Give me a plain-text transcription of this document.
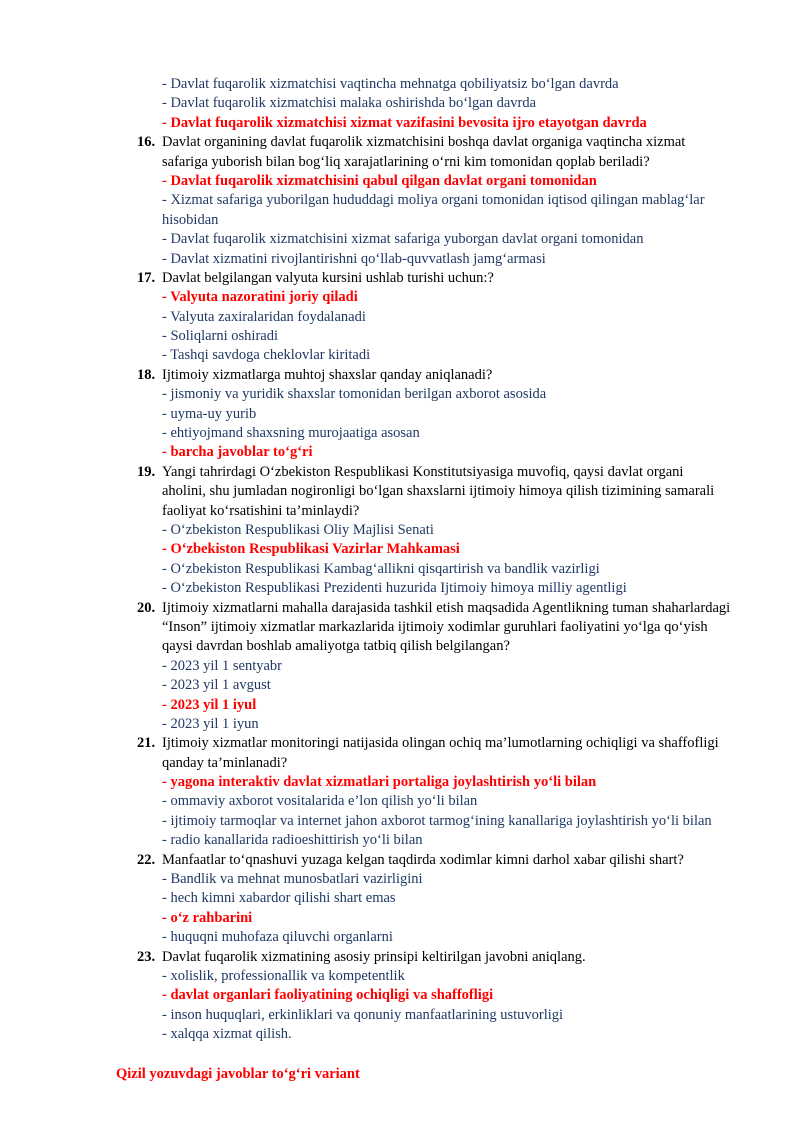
- Davlat fuqarolik xizmatchisi vaqtincha mehnatga qobiliyatsiz boʻlgan davrda
- Davlat fuqarolik xizmatchisi malaka oshirishda boʻlgan davrda
- Davlat fuqarolik xizmatchisi xizmat vazifasini bevosita ijro etayotgan davrda
16. Davlat organining davlat fuqarolik xizmatchisini boshqa davlat organiga vaqtincha xizmat
safariga yuborish bilan bogʻliq xarajatlarining oʻrni kim tomonidan qoplab beriladi?
- Davlat fuqarolik xizmatchisini qabul qilgan davlat organi tomonidan
- Xizmat safariga yuborilgan hududdagi moliya organi tomonidan iqtisod qilingan mablagʻlar
hisobidan
- Davlat fuqarolik xizmatchisini xizmat safariga yuborgan davlat organi tomonidan
- Davlat xizmatini rivojlantirishni qoʻllab-quvvatlash jamgʻarmasi
17. Davlat belgilangan valyuta kursini ushlab turishi uchun:?
- Valyuta nazoratini joriy qiladi
- Valyuta zaxiralaridan foydalanadi
- Soliqlarni oshiradi
- Tashqi savdoga cheklovlar kiritadi
18. Ijtimoiy xizmatlarga muhtoj shaxslar qanday aniqlanadi?
- jismoniy va yuridik shaxslar tomonidan berilgan axborot asosida
- uyma-uy yurib
- ehtiyojmand shaxsning murojaatiga asosan
- barcha javoblar toʻgʻri
19. Yangi tahrirdagi Oʻzbekiston Respublikasi Konstitutsiyasiga muvofiq, qaysi davlat organi
aholini, shu jumladan nogironligi boʻlgan shaxslarni ijtimoiy himoya qilish tizimining samarali
faoliyat koʻrsatishini ta’minlaydi?
- Oʻzbekiston Respublikasi Oliy Majlisi Senati
- Oʻzbekiston Respublikasi Vazirlar Mahkamasi
- Oʻzbekiston Respublikasi Kambagʻallikni qisqartirish va bandlik vazirligi
- Oʻzbekiston Respublikasi Prezidenti huzurida Ijtimoiy himoya milliy agentligi
20. Ijtimoiy xizmatlarni mahalla darajasida tashkil etish maqsadida Agentlikning tuman shaharlardagi
“Inson” ijtimoiy xizmatlar markazlarida ijtimoiy xodimlar guruhlari faoliyatini yoʻlga qoʻyish
qaysi davrdan boshlab amaliyotga tatbiq qilish belgilangan?
- 2023 yil 1 sentyabr
- 2023 yil 1 avgust
- 2023 yil 1 iyul
- 2023 yil 1 iyun
21. Ijtimoiy xizmatlar monitoringi natijasida olingan ochiq ma’lumotlarning ochiqligi va shaffofligi
qanday ta’minlanadi?
- yagona interaktiv davlat xizmatlari portaliga joylashtirish yoʻli bilan
- ommaviy axborot vositalarida e’lon qilish yoʻli bilan
- ijtimoiy tarmoqlar va internet jahon axborot tarmogʻining kanallariga joylashtirish yoʻli bilan
- radio kanallarida radioeshittirish yoʻli bilan
22. Manfaatlar toʻqnashuvi yuzaga kelgan taqdirda xodimlar kimni darhol xabar qilishi shart?
- Bandlik va mehnat munosbatlari vazirligini
- hech kimni xabardor qilishi shart emas
- oʻz rahbarini
- huquqni muhofaza qiluvchi organlarni
23. Davlat fuqarolik xizmatining asosiy prinsipi keltirilgan javobni aniqlang.
- xolislik, professionallik va kompetentlik
- davlat organlari faoliyatining ochiqligi va shaffofligi
- inson huquqlari, erkinliklari va qonuniy manfaatlarining ustuvorligi
- xalqqa xizmat qilish.
Qizil yozuvdagi javoblar toʻgʻri variant
